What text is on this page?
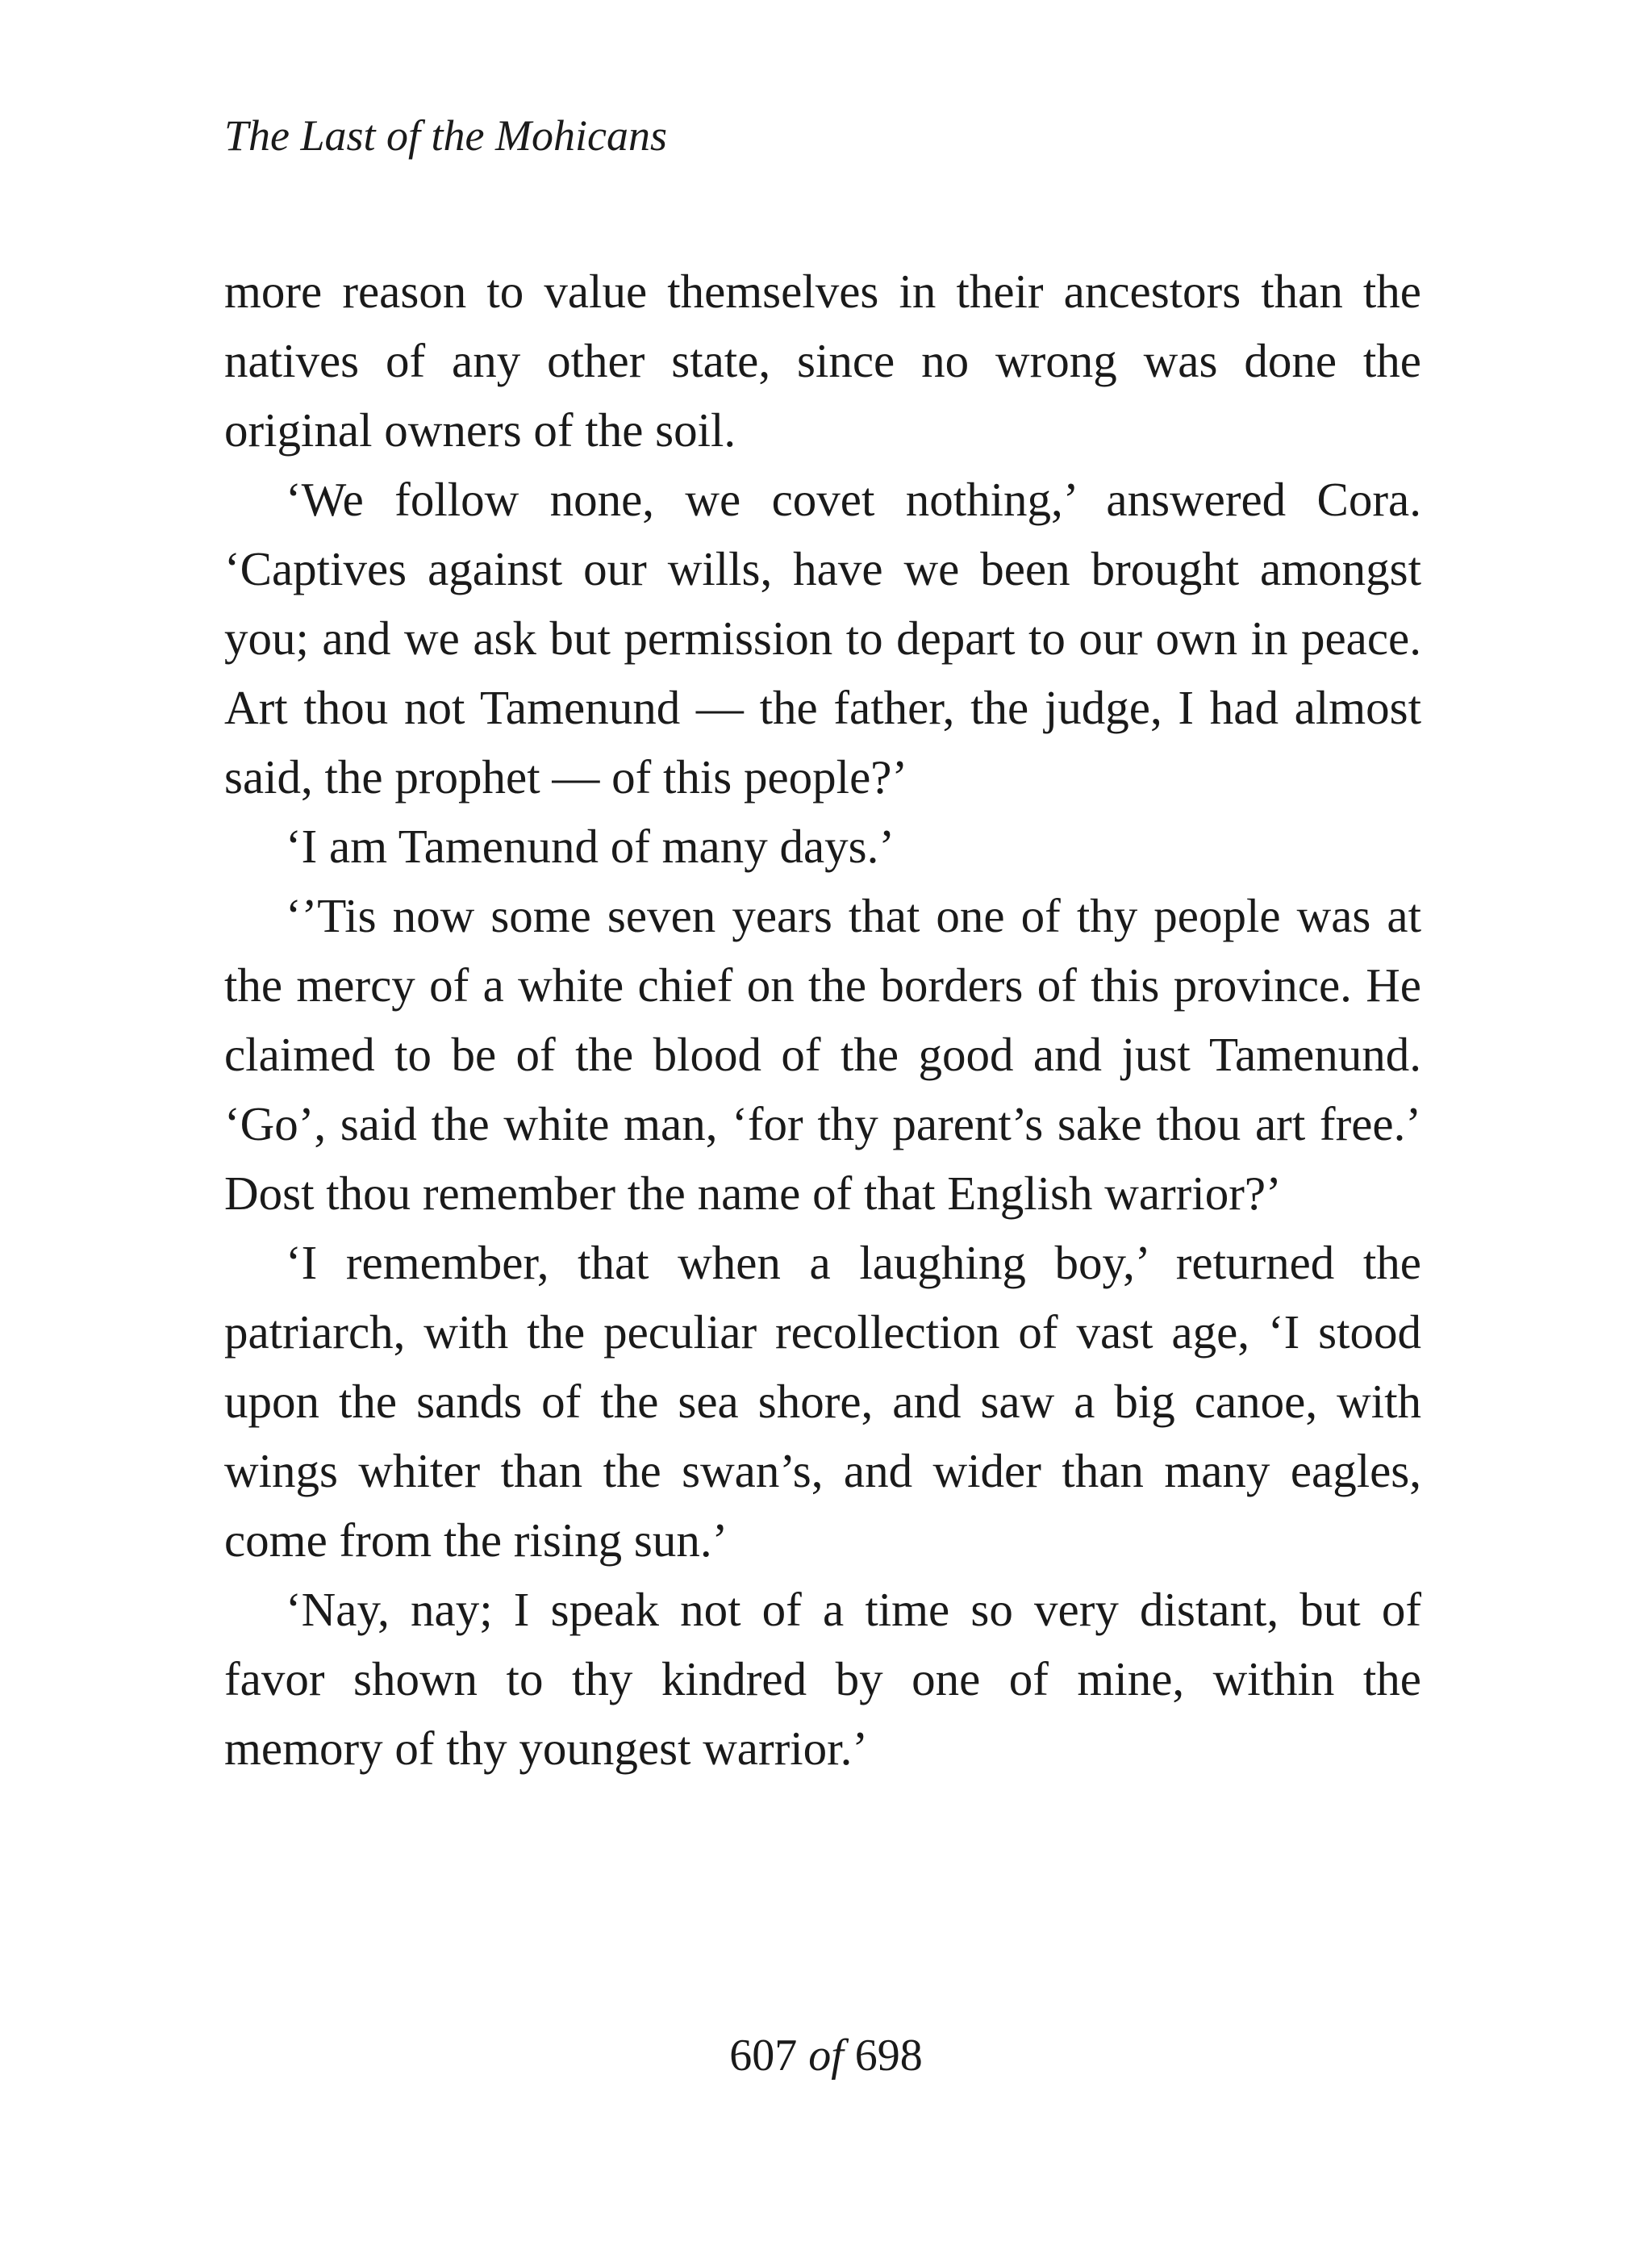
The Last of the Mohicans

more reason to value themselves in their ancestors than the natives of any other state, since no wrong was done the original owners of the soil.

‘We follow none, we covet nothing,’ answered Cora. ‘Captives against our wills, have we been brought amongst you; and we ask but permission to depart to our own in peace. Art thou not Tamenund — the father, the judge, I had almost said, the prophet — of this people?’

‘I am Tamenund of many days.’

‘’Tis now some seven years that one of thy people was at the mercy of a white chief on the borders of this province. He claimed to be of the blood of the good and just Tamenund. ‘Go’, said the white man, ‘for thy parent’s sake thou art free.’ Dost thou remember the name of that English warrior?’

‘I remember, that when a laughing boy,’ returned the patriarch, with the peculiar recollection of vast age, ‘I stood upon the sands of the sea shore, and saw a big canoe, with wings whiter than the swan’s, and wider than many eagles, come from the rising sun.’

‘Nay, nay; I speak not of a time so very distant, but of favor shown to thy kindred by one of mine, within the memory of thy youngest warrior.’

607 of 698
